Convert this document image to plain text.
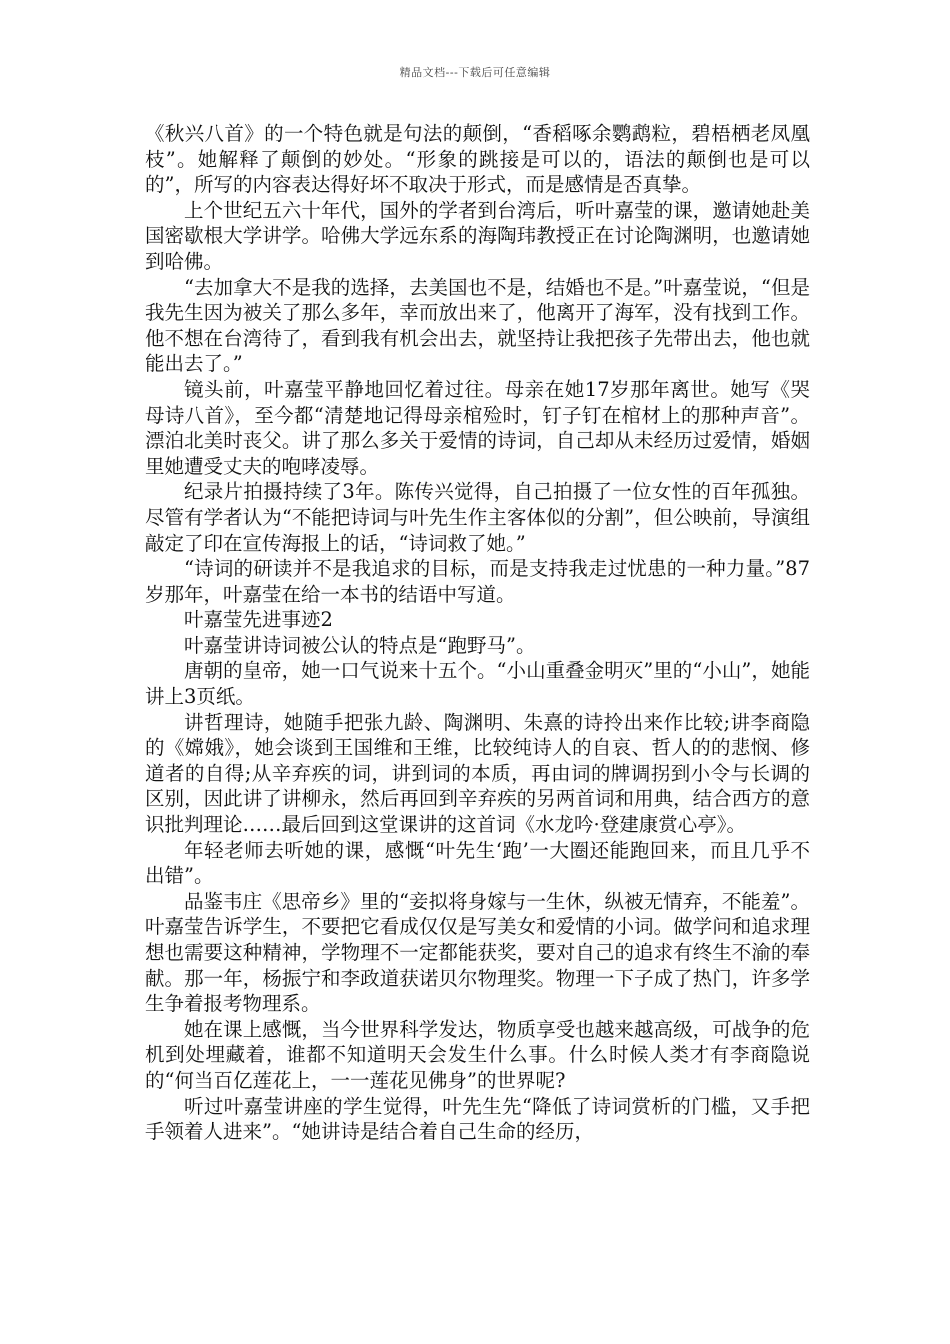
精品文档---下载后可任意编辑

《秋兴八首》的一个特色就是句法的颠倒，“香稻啄余鹦鹉粒，碧梧栖老凤凰枝”。她解释了颠倒的妙处。“形象的跳接是可以的，语法的颠倒也是可以的”，所写的内容表达得好坏不取决于形式，而是感情是否真挚。

上个世纪五六十年代，国外的学者到台湾后，听叶嘉莹的课，邀请她赴美国密歇根大学讲学。哈佛大学远东系的海陶玮教授正在讨论陶渊明，也邀请她到哈佛。

“去加拿大不是我的选择，去美国也不是，结婚也不是。”叶嘉莹说，“但是我先生因为被关了那么多年，幸而放出来了，他离开了海军，没有找到工作。他不想在台湾待了，看到我有机会出去，就坚持让我把孩子先带出去，他也就能出去了。”

镜头前，叶嘉莹平静地回忆着过往。母亲在她17岁那年离世。她写《哭母诗八首》，至今都“清楚地记得母亲棺殓时，钉子钉在棺材上的那种声音”。漂泊北美时丧父。讲了那么多关于爱情的诗词，自己却从未经历过爱情，婚姻里她遭受丈夫的咆哮凌辱。

纪录片拍摄持续了3年。陈传兴觉得，自己拍摄了一位女性的百年孤独。尽管有学者认为“不能把诗词与叶先生作主客体似的分割”，但公映前，导演组敲定了印在宣传海报上的话，“诗词救了她。”

“诗词的研读并不是我追求的目标，而是支持我走过忧患的一种力量。”87岁那年，叶嘉莹在给一本书的结语中写道。

叶嘉莹先进事迹2

叶嘉莹讲诗词被公认的特点是“跑野马”。

唐朝的皇帝，她一口气说来十五个。“小山重叠金明灭”里的“小山”，她能讲上3页纸。

讲哲理诗，她随手把张九龄、陶渊明、朱熹的诗拎出来作比较;讲李商隐的《嫦娥》，她会谈到王国维和王维，比较纯诗人的自哀、哲人的的悲悯、修道者的自得;从辛弃疾的词，讲到词的本质，再由词的牌调拐到小令与长调的区别，因此讲了讲柳永，然后再回到辛弃疾的另两首词和用典，结合西方的意识批判理论……最后回到这堂课讲的这首词《水龙吟·登建康赏心亭》。

年轻老师去听她的课，感慨“叶先生‘跑’一大圈还能跑回来，而且几乎不出错”。

品鉴韦庄《思帝乡》里的“妾拟将身嫁与一生休，纵被无情弃，不能羞”。叶嘉莹告诉学生，不要把它看成仅仅是写美女和爱情的小词。做学问和追求理想也需要这种精神，学物理不一定都能获奖，要对自己的追求有终生不渝的奉献。那一年，杨振宁和李政道获诺贝尔物理奖。物理一下子成了热门，许多学生争着报考物理系。

她在课上感慨，当今世界科学发达，物质享受也越来越高级，可战争的危机到处埋藏着，谁都不知道明天会发生什么事。什么时候人类才有李商隐说的“何当百亿莲花上，一一莲花见佛身”的世界呢?

听过叶嘉莹讲座的学生觉得，叶先生先“降低了诗词赏析的门槛，又手把手领着人进来”。“她讲诗是结合着自己生命的经历，
